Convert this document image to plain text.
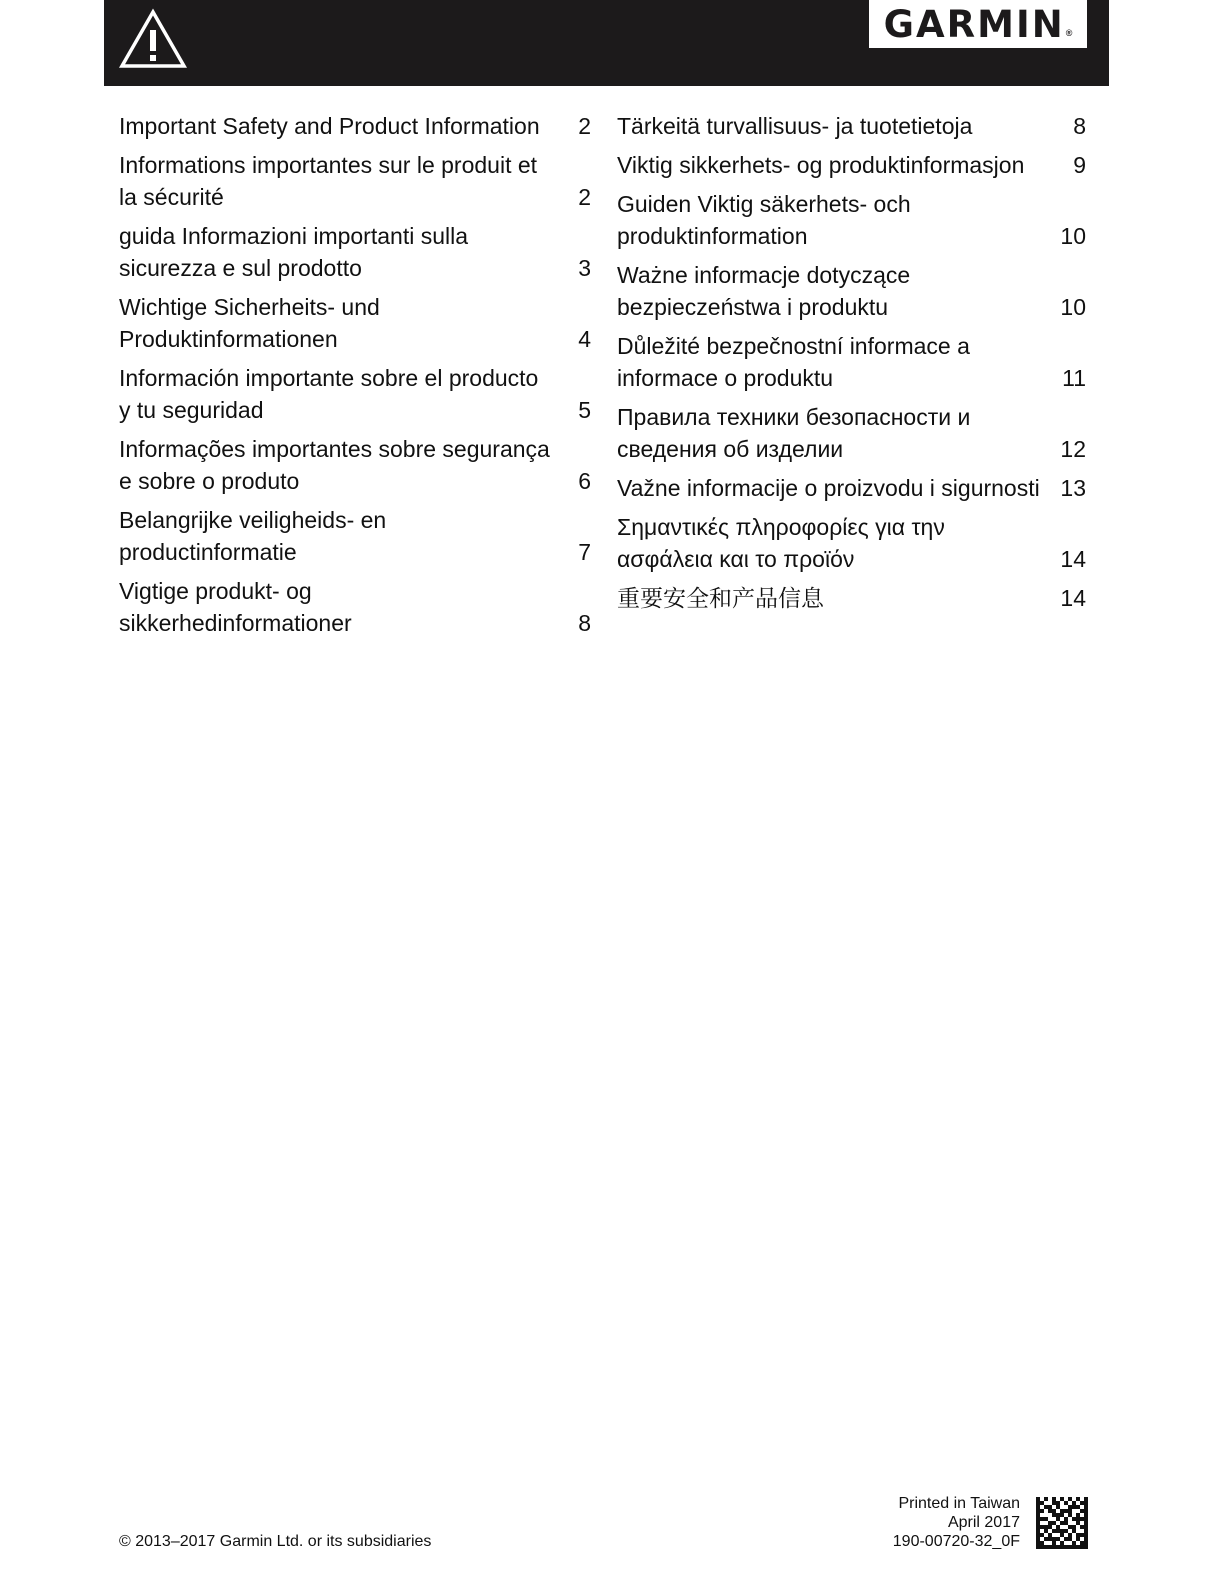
GARMIN ®
Important Safety and Product Information	2
Informations importantes sur le produit et la sécurité	2
guida Informazioni importanti sulla sicurezza e sul prodotto	3
Wichtige Sicherheits- und Produktinformationen	4
Información importante sobre el producto y tu seguridad	5
Informações importantes sobre segurança e sobre o produto	6
Belangrijke veiligheids- en productinformatie	7
Vigtige produkt- og sikkerhedinformationer	8
Tärkeitä turvallisuus- ja tuotetietoja	8
Viktig sikkerhets- og produktinformasjon	9
Guiden Viktig säkerhets- och produktinformation	10
Ważne informacje dotyczące bezpieczeństwa i produktu	10
Důležité bezpečnostní informace a informace o produktu	11
Правила техники безопасности и сведения об изделии	12
Važne informacije o proizvodu i sigurnosti 13
Σημαντικές πληροφορίες για την ασφάλεια και το προϊόν	14
重要安全和产品信息	14
© 2013–2017 Garmin Ltd. or its subsidiaries
Printed in Taiwan
April 2017
190-00720-32_0F
